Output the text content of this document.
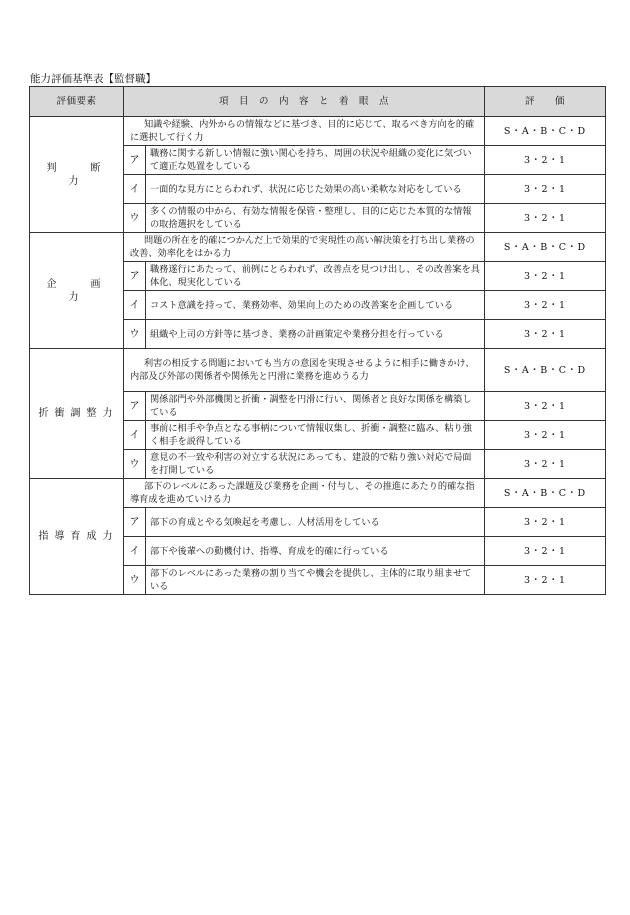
能力評価基準表【監督職】
評価要素	項　目　の　内　容　と　着　眼　点		評　　価
判　断　力	知識や経験、内外からの情報などに基づき、目的に応じて、取るべき方向を的確に選択して行く力		S・A・B・C・D
	ア	職務に関する新しい情報に強い関心を持ち、周囲の状況や組織の変化に気づいて適正な処置をしている	3・2・1
	イ	一面的な見方にとらわれず、状況に応じた効果の高い柔軟な対応をしている	3・2・1
	ウ	多くの情報の中から、有効な情報を保管・整理し、目的に応じた本質的な情報の取捨選択をしている	3・2・1
企　画　力	問題の所在を的確につかんだ上で効果的で実現性の高い解決策を打ち出し業務の改善、効率化をはかる力		S・A・B・C・D
	ア	職務遂行にあたって、前例にとらわれず、改善点を見つけ出し、その改善案を具体化、現実化している	3・2・1
	イ	コスト意識を持って、業務効率、効果向上のための改善案を企画している	3・2・1
	ウ	組織や上司の方針等に基づき、業務の計画策定や業務分担を行っている	3・2・1
折衝調整力	利害の相反する問題においても当方の意図を実現させるように相手に働きかけ、内部及び外部の関係者や関係先と円滑に業務を進めうる力		S・A・B・C・D
	ア	関係部門や外部機関と折衝・調整を円滑に行い、関係者と良好な関係を構築している	3・2・1
	イ	事前に相手や争点となる事柄について情報収集し、折衝・調整に臨み、粘り強く相手を説得している	3・2・1
	ウ	意見の不一致や利害の対立する状況にあっても、建設的で粘り強い対応で局面を打開している	3・2・1
指導育成力	部下のレベルにあった課題及び業務を企画・付与し、その推進にあたり的確な指導育成を進めていける力		S・A・B・C・D
	ア	部下の育成とやる気喚起を考慮し、人材活用をしている	3・2・1
	イ	部下や後輩への動機付け、指導、育成を的確に行っている	3・2・1
	ウ	部下のレベルにあった業務の割り当てや機会を提供し、主体的に取り組ませている	3・2・1
